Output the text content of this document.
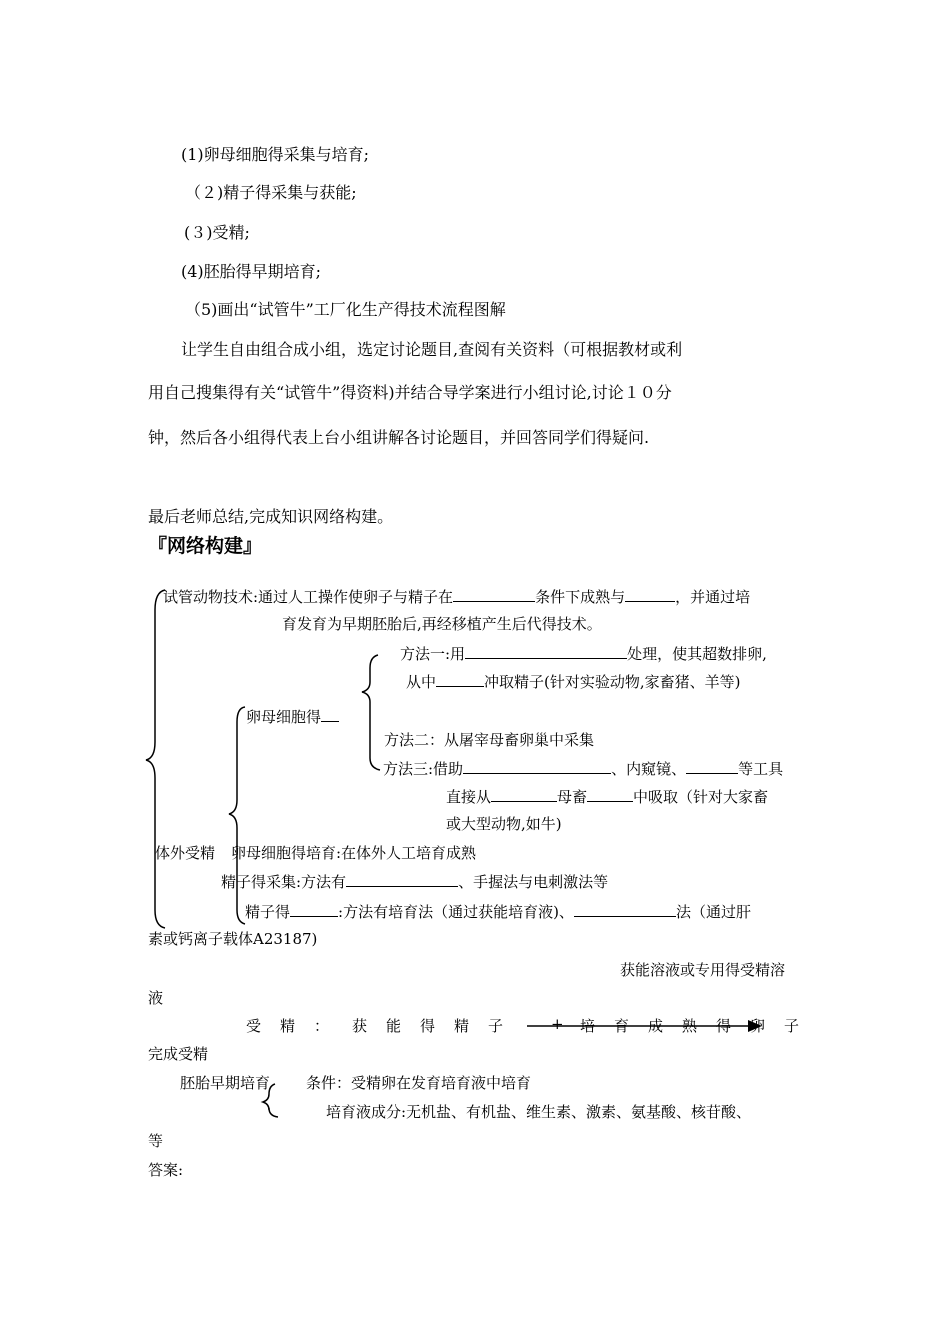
(1)卵母细胞得采集与培育;
（２)精子得采集与获能;
(３)受精;
(4)胚胎得早期培育;
（5)画出“试管牛”工厂化生产得技术流程图解
让学生自由组合成小组，选定讨论题目,查阅有关资料（可根据教材或利
用自己搜集得有关“试管牛”得资料)并结合导学案进行小组讨论,讨论１０分
钟，然后各小组得代表上台小组讲解各讨论题目，并回答同学们得疑问.
最后老师总结,完成知识网络构建。
『网络构建』
试管动物技术:通过人工操作使卵子与精子在	条件下成熟与	，并通过培
育发育为早期胚胎后,再经移植产生后代得技术。
方法一:用	处理，使其超数排卵,
从中	冲取精子(针对实验动物,家畜猪、羊等)
卵母细胞得
方法二：从屠宰母畜卵巢中采集
方法三:借助	、内窥镜、	等工具
直接从	母畜	中吸取（针对大家畜
或大型动物,如牛)
体外受精 卵母细胞得培育:在体外人工培育成熟
精子得采集:方法有	、手握法与电刺激法等
精子得	:方法有培育法（通过获能培育液)、	法（通过肝
素或钙离子载体A23187)
获能溶液或专用得受精溶
液
受精： 获能得精子 + 培育成熟得卵子
完成受精
胚胎早期培育 条件：受精卵在发育培育液中培育
培育液成分:无机盐、有机盐、维生素、激素、氨基酸、核苷酸、
等
答案:
